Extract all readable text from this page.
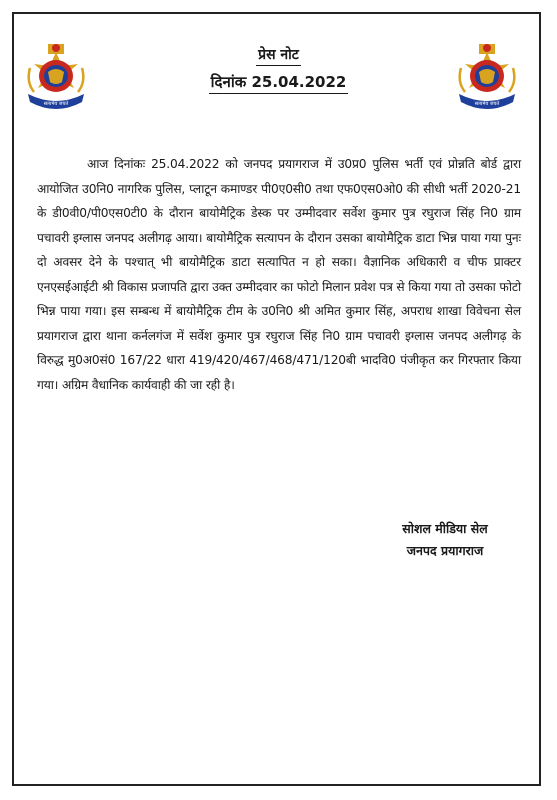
सत्यमेव जयते	सत्यमेव जयते
प्रेस नोट
दिनांक 25.04.2022

आज दिनांकः 25.04.2022 को जनपद प्रयागराज में उ0प्र0 पुलिस भर्ती एवं प्रोन्नति बोर्ड द्वारा आयोजित उ0नि0 नागरिक पुलिस, प्लाटून कमाण्डर पी0ए0सी0 तथा एफ0एस0ओ0 की सीधी भर्ती 2020-21 के डी0वी0/पी0एस0टी0 के दौरान बायोमैट्रिक डेस्क पर उम्मीदवार सर्वेश कुमार पुत्र रघुराज सिंह नि0 ग्राम पचावरी इग्लास जनपद अलीगढ़ आया। बायोमैट्रिक सत्यापन के दौरान उसका बायोमैट्रिक डाटा भिन्न पाया गया पुनः दो अवसर देने के पश्चात् भी बायोमैट्रिक डाटा सत्यापित न हो सका। वैज्ञानिक अधिकारी व चीफ प्राक्टर एनएसईआईटी श्री विकास प्रजापति द्वारा उक्त उम्मीदवार का फोटो मिलान प्रवेश पत्र से किया गया तो उसका फोटो भिन्न पाया गया। इस सम्बन्ध में बायोमैट्रिक टीम के उ0नि0 श्री अमित कुमार सिंह, अपराध शाखा विवेचना सेल प्रयागराज द्वारा थाना कर्नलगंज में सर्वेश कुमार पुत्र रघुराज सिंह नि0 ग्राम पचावरी इग्लास जनपद अलीगढ़ के विरुद्ध मु0अ0सं0 167/22 धारा 419/420/467/468/471/120बी भादवि0 पंजीकृत कर गिरफ्तार किया गया। अग्रिम वैधानिक कार्यवाही की जा रही है।

सोशल मीडिया सेल
जनपद प्रयागराज
